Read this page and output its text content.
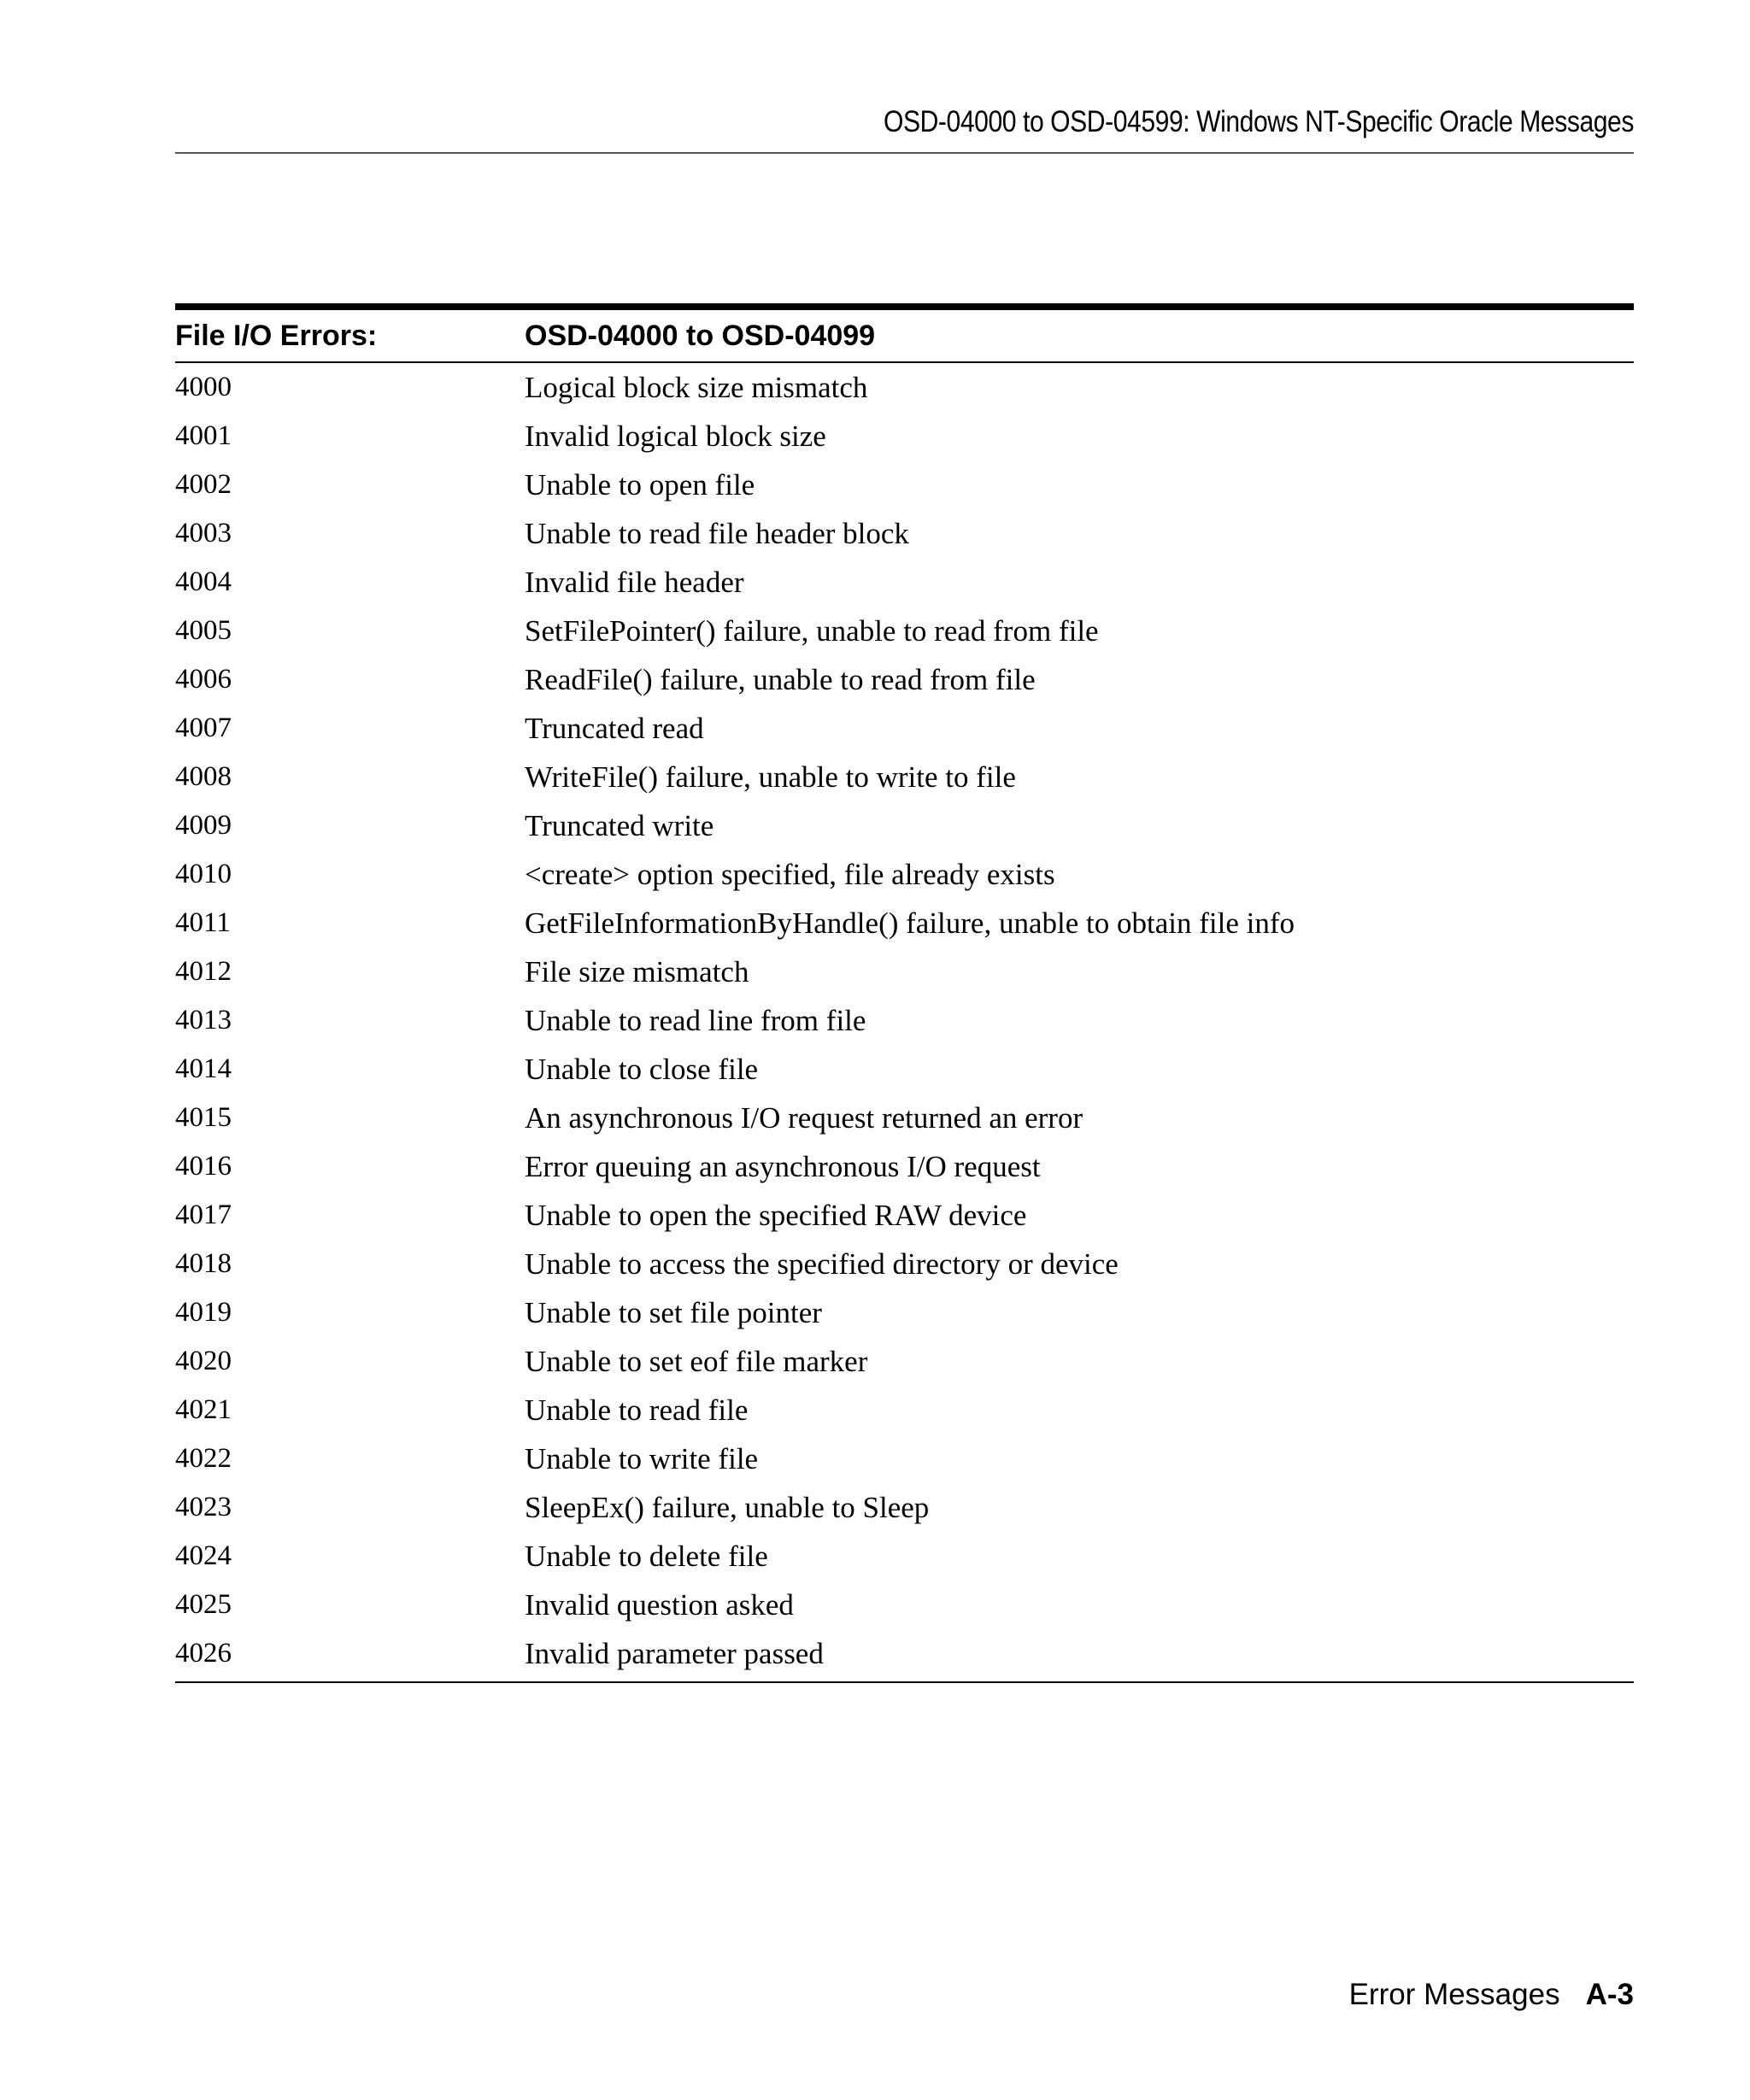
OSD-04000 to OSD-04599: Windows NT-Specific Oracle Messages
File I/O Errors:	OSD-04000 to OSD-04099
4000	Logical block size mismatch
4001	Invalid logical block size
4002	Unable to open file
4003	Unable to read file header block
4004	Invalid file header
4005	SetFilePointer() failure, unable to read from file
4006	ReadFile() failure, unable to read from file
4007	Truncated read
4008	WriteFile() failure, unable to write to file
4009	Truncated write
4010	<create> option specified, file already exists
4011	GetFileInformationByHandle() failure, unable to obtain file info
4012	File size mismatch
4013	Unable to read line from file
4014	Unable to close file
4015	An asynchronous I/O request returned an error
4016	Error queuing an asynchronous I/O request
4017	Unable to open the specified RAW device
4018	Unable to access the specified directory or device
4019	Unable to set file pointer
4020	Unable to set eof file marker
4021	Unable to read file
4022	Unable to write file
4023	SleepEx() failure, unable to Sleep
4024	Unable to delete file
4025	Invalid question asked
4026	Invalid parameter passed
Error Messages A-3
